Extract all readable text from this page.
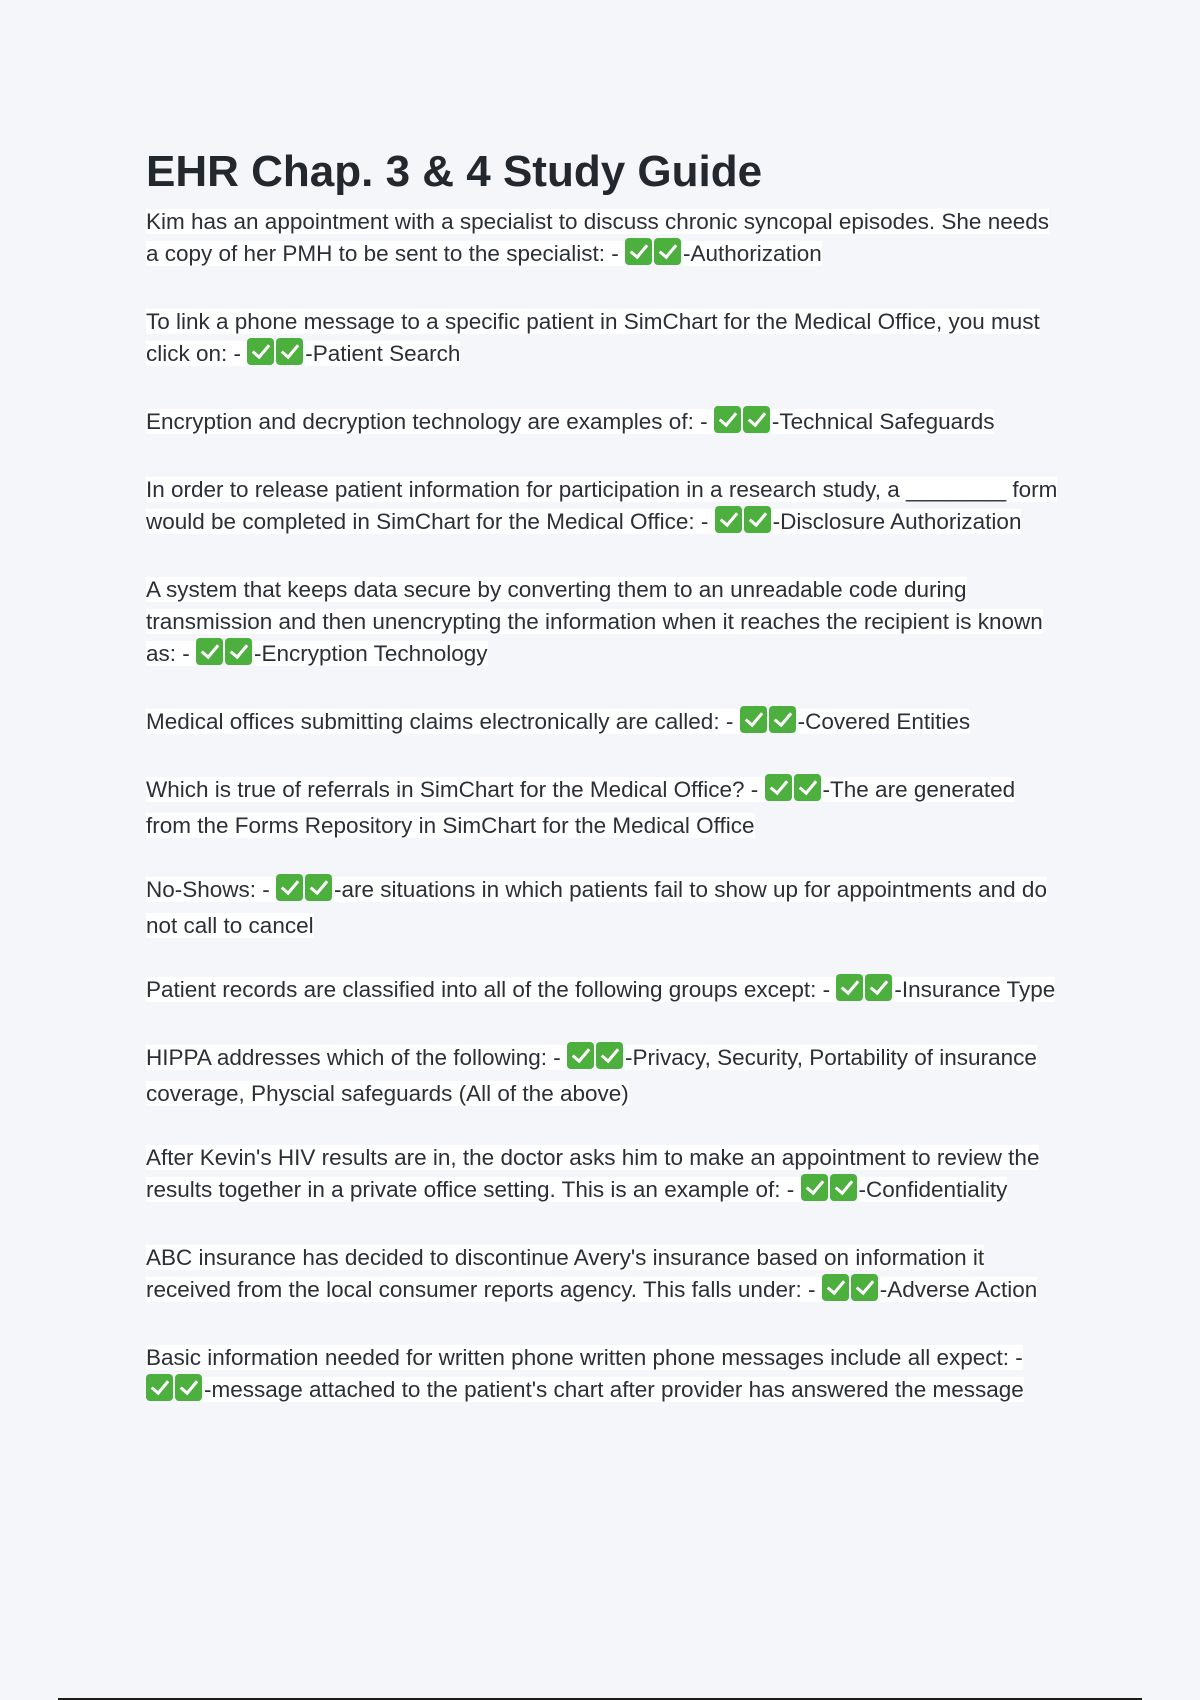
EHR Chap. 3 & 4 Study Guide
Kim has an appointment with a specialist to discuss chronic syncopal episodes. She needs a copy of her PMH to be sent to the specialist: -	-Authorization
To link a phone message to a specific patient in SimChart for the Medical Office, you must click on: -	-Patient Search
Encryption and decryption technology are examples of: -	-Technical Safeguards
In order to release patient information for participation in a research study, a ________ form would be completed in SimChart for the Medical Office: -	-Disclosure Authorization
A system that keeps data secure by converting them to an unreadable code during transmission and then unencrypting the information when it reaches the recipient is known as: -	-Encryption Technology
Medical offices submitting claims electronically are called: -	-Covered Entities
Which is true of referrals in SimChart for the Medical Office? -	-The are generated from the Forms Repository in SimChart for the Medical Office
No-Shows: -	-are situations in which patients fail to show up for appointments and do not call to cancel
Patient records are classified into all of the following groups except: -	-Insurance Type
HIPPA addresses which of the following: -	-Privacy, Security, Portability of insurance coverage, Physcial safeguards (All of the above)
After Kevin's HIV results are in, the doctor asks him to make an appointment to review the results together in a private office setting. This is an example of: -	-Confidentiality
ABC insurance has decided to discontinue Avery's insurance based on information it received from the local consumer reports agency. This falls under: -	-Adverse Action
Basic information needed for written phone written phone messages include all expect: - -message attached to the patient's chart after provider has answered the message
